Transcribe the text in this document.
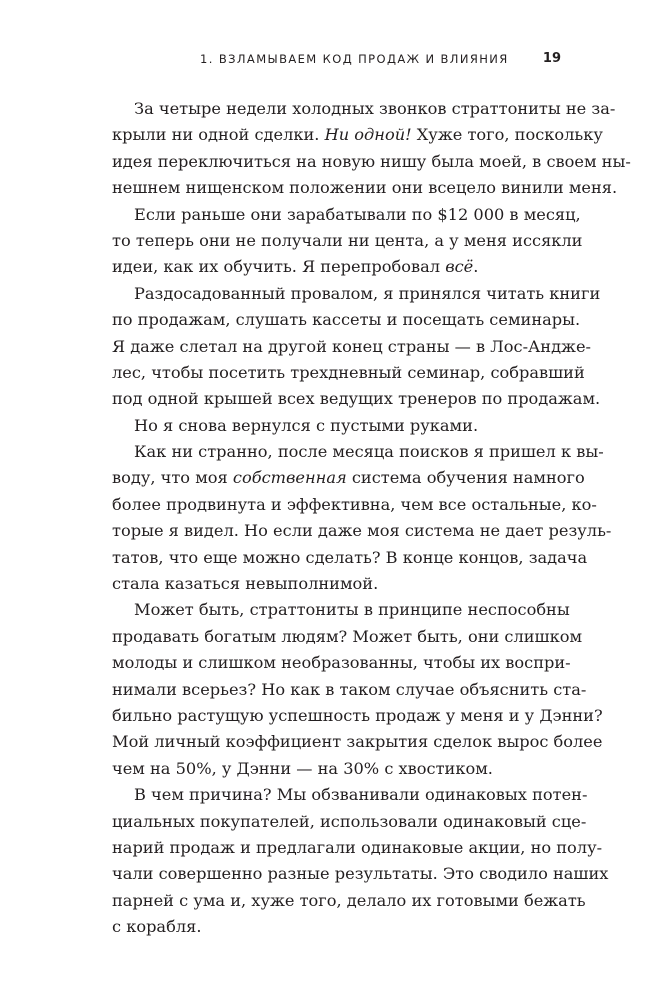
1. ВЗЛАМЫВАЕМ КОД ПРОДАЖ И ВЛИЯНИЯ	19
За четыре недели холодных звонков страттониты не за-
крыли ни одной сделки. Ни одной! Хуже того, поскольку
идея переключиться на новую нишу была моей, в своем ны-
нешнем нищенском положении они всецело винили меня.
Если раньше они зарабатывали по $12 000 в месяц,
то теперь они не получали ни цента, а у меня иссякли
идеи, как их обучить. Я перепробовал всё.
Раздосадованный провалом, я принялся читать книги
по продажам, слушать кассеты и посещать семинары.
Я даже слетал на другой конец страны — в Лос-Андже-
лес, чтобы посетить трехдневный семинар, собравший
под одной крышей всех ведущих тренеров по продажам.
Но я снова вернулся с пустыми руками.
Как ни странно, после месяца поисков я пришел к вы-
воду, что моя собственная система обучения намного
более продвинута и эффективна, чем все остальные, ко-
торые я видел. Но если даже моя система не дает резуль-
татов, что еще можно сделать? В конце концов, задача
стала казаться невыполнимой.
Может быть, страттониты в принципе неспособны
продавать богатым людям? Может быть, они слишком
молоды и слишком необразованны, чтобы их воспри-
нимали всерьез? Но как в таком случае объяснить ста-
бильно растущую успешность продаж у меня и у Дэнни?
Мой личный коэффициент закрытия сделок вырос более
чем на 50%, у Дэнни — на 30% с хвостиком.
В чем причина? Мы обзванивали одинаковых потен-
циальных покупателей, использовали одинаковый сце-
нарий продаж и предлагали одинаковые акции, но полу-
чали совершенно разные результаты. Это сводило наших
парней с ума и, хуже того, делало их готовыми бежать
с корабля.
